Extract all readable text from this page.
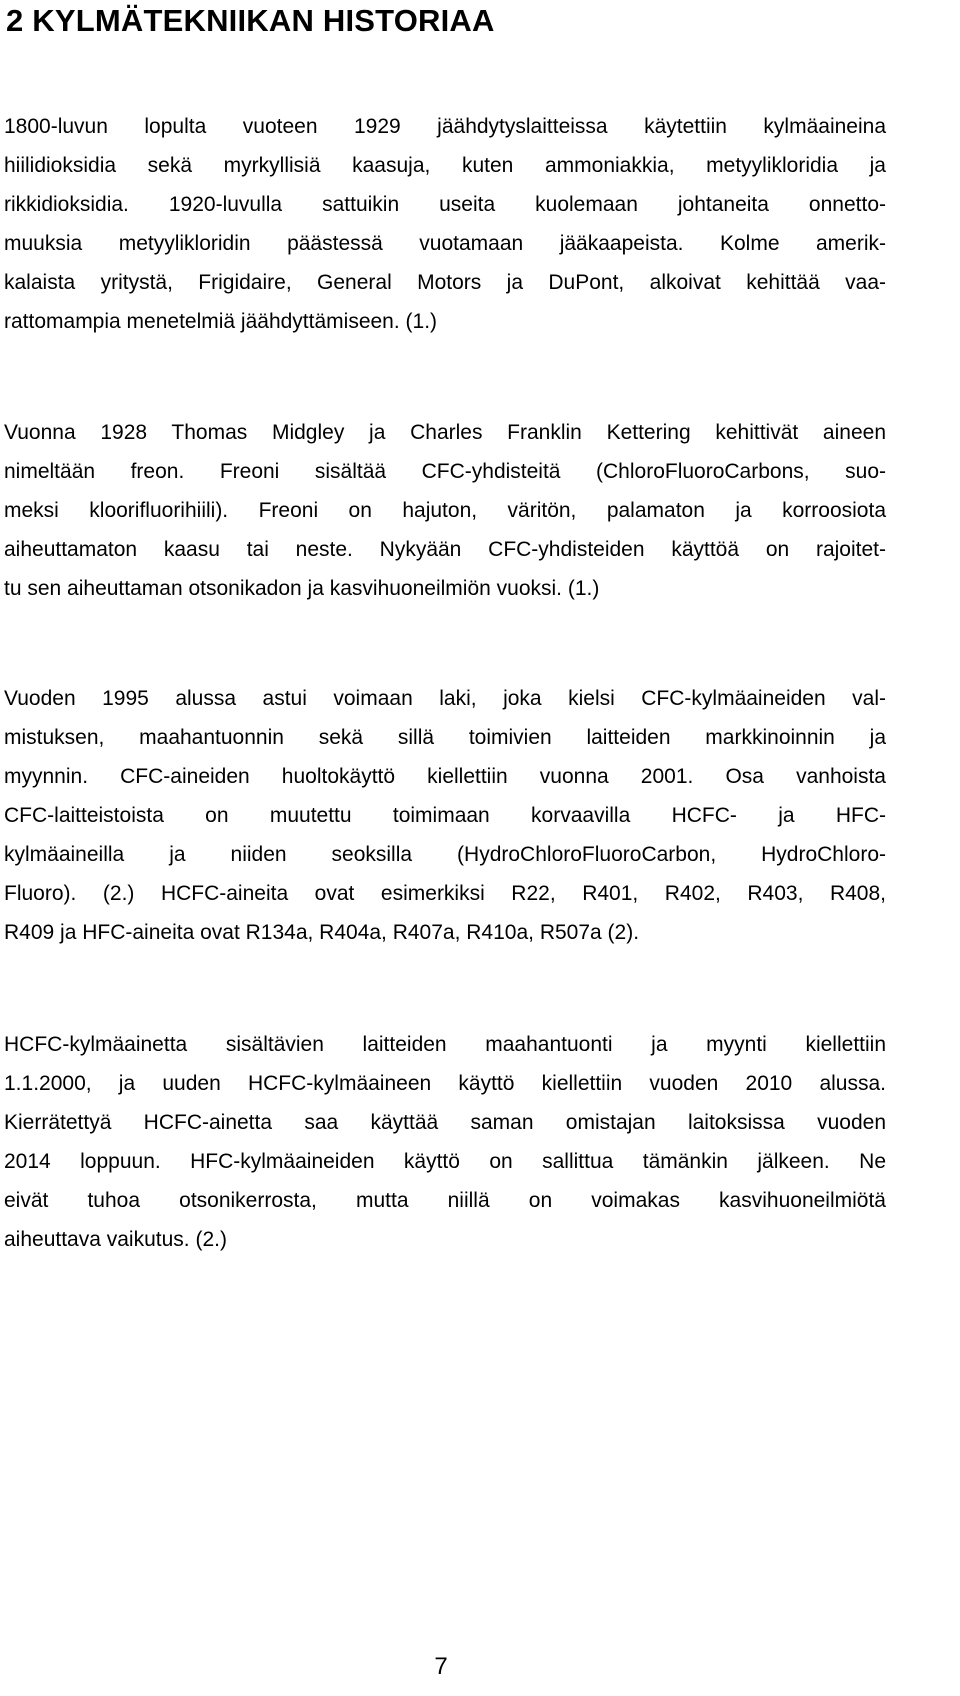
2 KYLMÄTEKNIIKAN HISTORIAA

1800-luvun lopulta vuoteen 1929 jäähdytyslaitteissa käytettiin kylmäaineina
hiilidioksidia sekä myrkyllisiä kaasuja, kuten ammoniakkia, metyylikloridia ja
rikkidioksidia. 1920-luvulla sattuikin useita kuolemaan johtaneita onnetto-
muuksia metyylikloridin päästessä vuotamaan jääkaapeista. Kolme amerik-
kalaista yritystä, Frigidaire, General Motors ja DuPont, alkoivat kehittää vaa-
rattomampia menetelmiä jäähdyttämiseen. (1.)

Vuonna 1928 Thomas Midgley ja Charles Franklin Kettering kehittivät aineen
nimeltään freon. Freoni sisältää CFC-yhdisteitä (ChloroFluoroCarbons, suo-
meksi kloorifluorihiili). Freoni on hajuton, väritön, palamaton ja korroosiota
aiheuttamaton kaasu tai neste. Nykyään CFC-yhdisteiden käyttöä on rajoitet-
tu sen aiheuttaman otsonikadon ja kasvihuoneilmiön vuoksi. (1.)

Vuoden 1995 alussa astui voimaan laki, joka kielsi CFC-kylmäaineiden val-
mistuksen, maahantuonnin sekä sillä toimivien laitteiden markkinoinnin ja
myynnin. CFC-aineiden huoltokäyttö kiellettiin vuonna 2001. Osa vanhoista
CFC-laitteistoista on muutettu toimimaan korvaavilla HCFC- ja HFC-
kylmäaineilla ja niiden seoksilla (HydroChloroFluoroCarbon, HydroChloro-
Fluoro). (2.) HCFC-aineita ovat esimerkiksi R22, R401, R402, R403, R408,
R409 ja HFC-aineita ovat R134a, R404a, R407a, R410a, R507a (2).

HCFC-kylmäainetta sisältävien laitteiden maahantuonti ja myynti kiellettiin
1.1.2000, ja uuden HCFC-kylmäaineen käyttö kiellettiin vuoden 2010 alussa.
Kierrätettyä HCFC-ainetta saa käyttää saman omistajan laitoksissa vuoden
2014 loppuun. HFC-kylmäaineiden käyttö on sallittua tämänkin jälkeen. Ne
eivät tuhoa otsonikerrosta, mutta niillä on voimakas kasvihuoneilmiötä
aiheuttava vaikutus. (2.)

7
